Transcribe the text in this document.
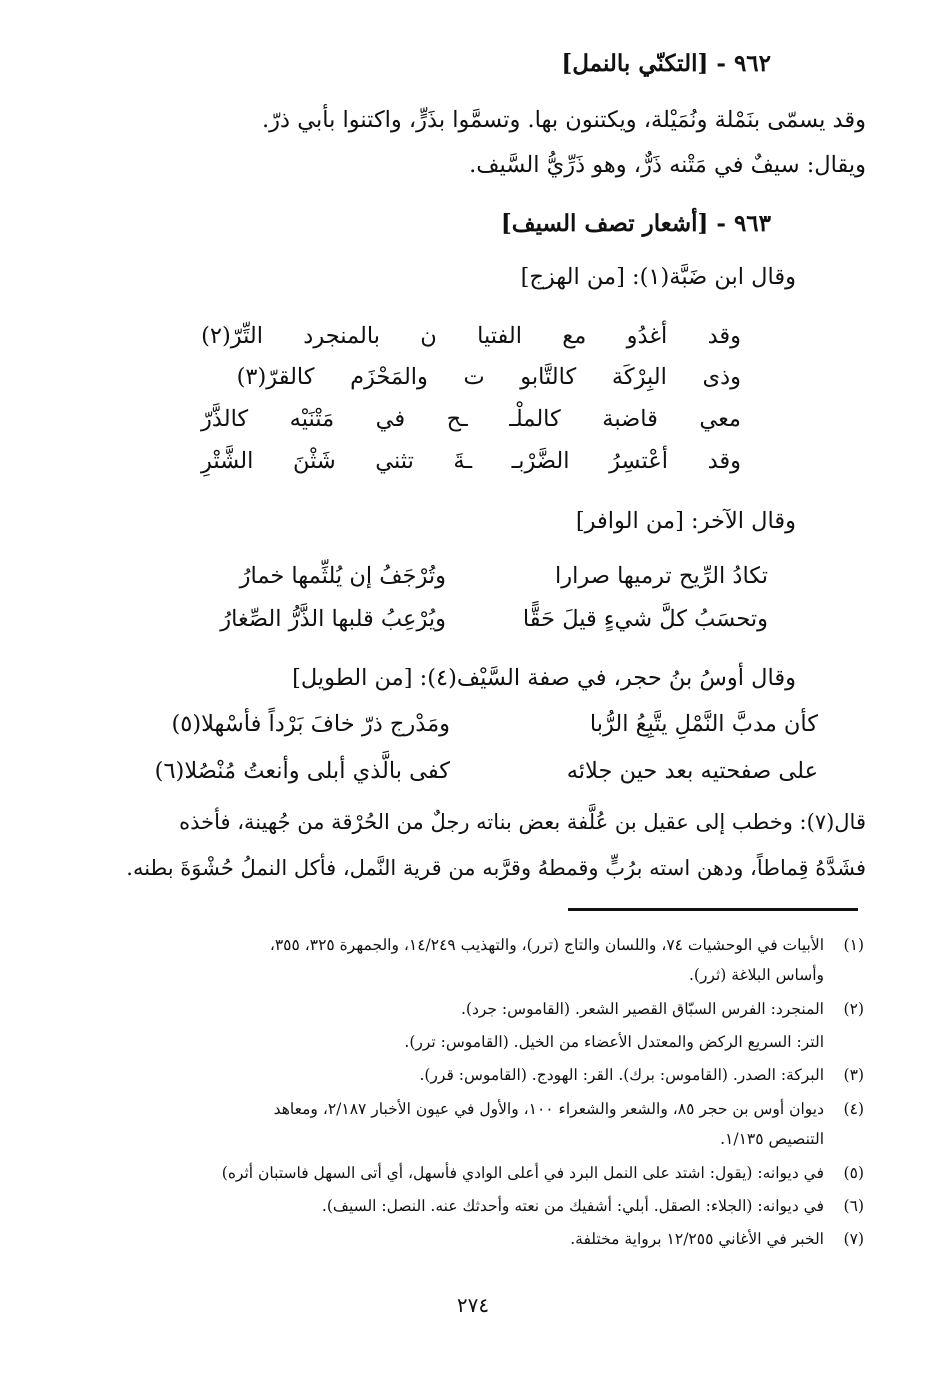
٩٦٢ - [التكنّي بالنمل]
وقد يسمّى بنَمْلة ونُمَيْلة، ويكتنون بها. وتسمَّوا بذَرٍّ، واكتنوا بأبي ذرّ.
ويقال: سيفٌ في مَتْنه ذَرٌّ، وهو ذَرِّيُّ السَّيف.
٩٦٣ - [أشعار تصف السيف]
وقال ابن ضَبَّة(١): [من الهزج]
وقد
أغدُو
مع
الفتيا
ن
بالمنجرد
التِّرّ(٢)
وذى
البِرْكَة
كالتَّابو
ت
والمَحْزَم
كالقرّ(٣)
معي
قاضبة
كالملْـ
ـح
في
مَتْنَيْه
كالذَّرّ
وقد
أعْتسِرُ
الضَّرْبـ
ـةَ
تثني
شَثْنَ
الشَّتْرِ
وقال الآخر: [من الوافر]
تكادُ الرِّيح ترميها صرارا
وتُرْجَفُ إن يُلثِّمها خمارُ
وتحسَبُ كلَّ شيءٍ قيلَ حَقًّا
ويُرْعِبُ قلبها الذَّرُّ الصِّغارُ
وقال أوسُ بنُ حجر، في صفة السَّيْف(٤): [من الطويل]
كأن مدبَّ النَّمْلِ يتَّبِعُ الرُّبا
ومَدْرج ذرّ خافَ بَرْداً فأسْهلا(٥)
على صفحتيه بعد حين جلائه
كفى بالَّذي أبلى وأنعتُ مُنْصُلا(٦)
قال(٧): وخطب إلى عقيل بن عُلَّفة بعض بناته رجلٌ من الحُرْقة من جُهينة، فأخذه
فشَدَّهُ قِماطاً، ودهن استه برُبٍّ وقمطهُ وقرَّبه من قرية النَّمل، فأكل النملُ حُشْوَةَ بطنه.
(١)
الأبيات في الوحشيات ٧٤، واللسان والتاج (ترر)، والتهذيب ١٤/٢٤٩، والجمهرة ٣٢٥، ٣٥٥،
وأساس البلاغة (ثرر).
(٢)
المنجرد: الفرس السبّاق القصير الشعر. (القاموس: جرد).
التر: السريع الركض والمعتدل الأعضاء من الخيل. (القاموس: ترر).
(٣)
البركة: الصدر. (القاموس: برك). القر: الهودج. (القاموس: قرر).
(٤)
ديوان أوس بن حجر ٨٥، والشعر والشعراء ١٠٠، والأول في عيون الأخبار ٢/١٨٧، ومعاهد
التنصيص ١/١٣٥.
(٥)
في ديوانه: (يقول: اشتد على النمل البرد في أعلى الوادي فأسهل، أي أتى السهل فاستبان أثره)
(٦)
في ديوانه: (الجلاء: الصقل. أبلي: أشفيك من نعته وأحدثك عنه. النصل: السيف).
(٧)
الخبر في الأغاني ١٢/٢٥٥ برواية مختلفة.
٢٧٤
